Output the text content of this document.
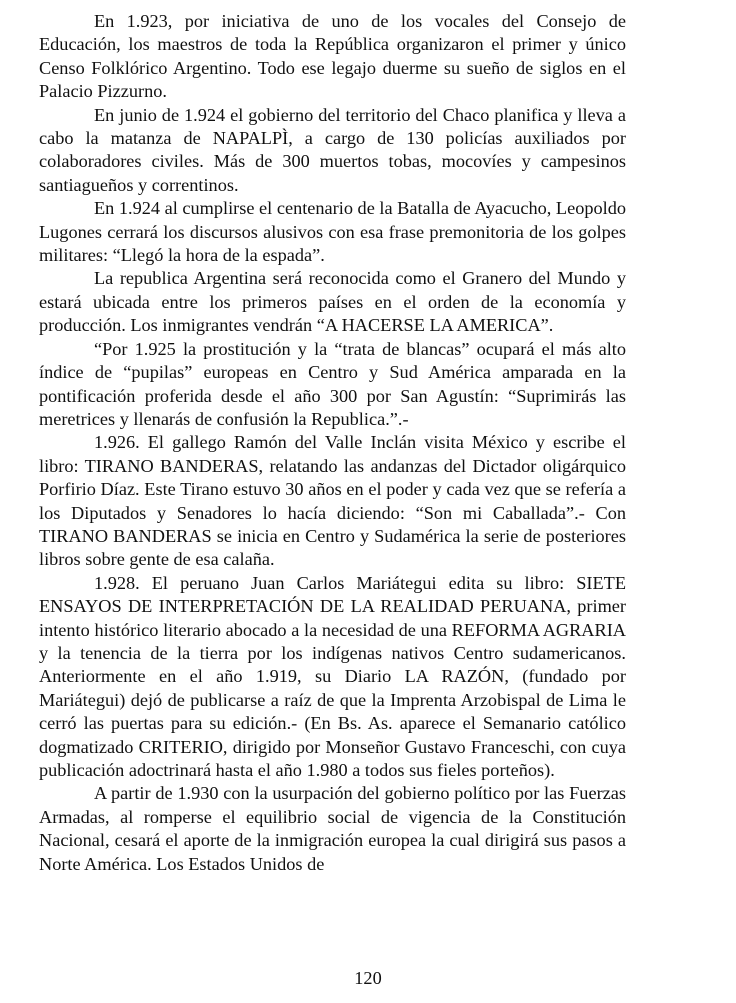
En 1.923, por iniciativa de uno de los vocales del Consejo de Educación, los maestros de toda la República organizaron el primer y único Censo Folklórico Argentino. Todo ese legajo duerme su sueño de siglos en el Palacio Pizzurno.

En junio de 1.924 el gobierno del territorio del Chaco planifica y lleva a cabo la matanza de NAPALPÌ, a cargo de 130 policías auxiliados por colaboradores civiles. Más de 300 muertos tobas, mocovíes y campesinos santiagueños y correntinos.

En 1.924 al cumplirse el centenario de la Batalla de Ayacucho, Leopoldo Lugones cerrará los discursos alusivos con esa frase premonitoria de los golpes militares: “Llegó la hora de la espada”.

La republica Argentina será reconocida como el Granero del Mundo y estará ubicada entre los primeros países en el orden de la economía y producción. Los inmigrantes vendrán “A HACERSE LA AMERICA”.

“Por 1.925 la prostitución y la “trata de blancas” ocupará el más alto índice de “pupilas” europeas en Centro y Sud América amparada en la pontificación proferida desde el año 300 por San Agustín: “Suprimirás las meretrices y llenarás de confusión la Republica.”.-

1.926. El gallego Ramón del Valle Inclán visita México y escribe el libro: TIRANO BANDERAS, relatando las andanzas del Dictador oligárquico Porfirio Díaz. Este Tirano estuvo 30 años en el poder y cada vez que se refería a los Diputados y Senadores lo hacía diciendo: “Son mi Caballada”.- Con TIRANO BANDERAS se inicia en Centro y Sudamérica la serie de posteriores libros sobre gente de esa calaña.

1.928. El peruano Juan Carlos Mariátegui edita su libro: SIETE ENSAYOS DE INTERPRETACIÓN DE LA REALIDAD PERUANA, primer intento histórico literario abocado a la necesidad de una REFORMA AGRARIA y la tenencia de la tierra por los indígenas nativos Centro sudamericanos. Anteriormente en el año 1.919, su Diario LA RAZÓN, (fundado por Mariátegui) dejó de publicarse a raíz de que la Imprenta Arzobispal de Lima le cerró las puertas para su edición.- (En Bs. As. aparece el Semanario católico dogmatizado CRITERIO, dirigido por Monseñor Gustavo Franceschi, con cuya publicación adoctrinará hasta el año 1.980 a todos sus fieles porteños).

A partir de 1.930 con la usurpación del gobierno político por las Fuerzas Armadas, al romperse el equilibrio social de vigencia de la Constitución Nacional, cesará el aporte de la inmigración europea la cual dirigirá sus pasos a Norte América. Los Estados Unidos de

120
